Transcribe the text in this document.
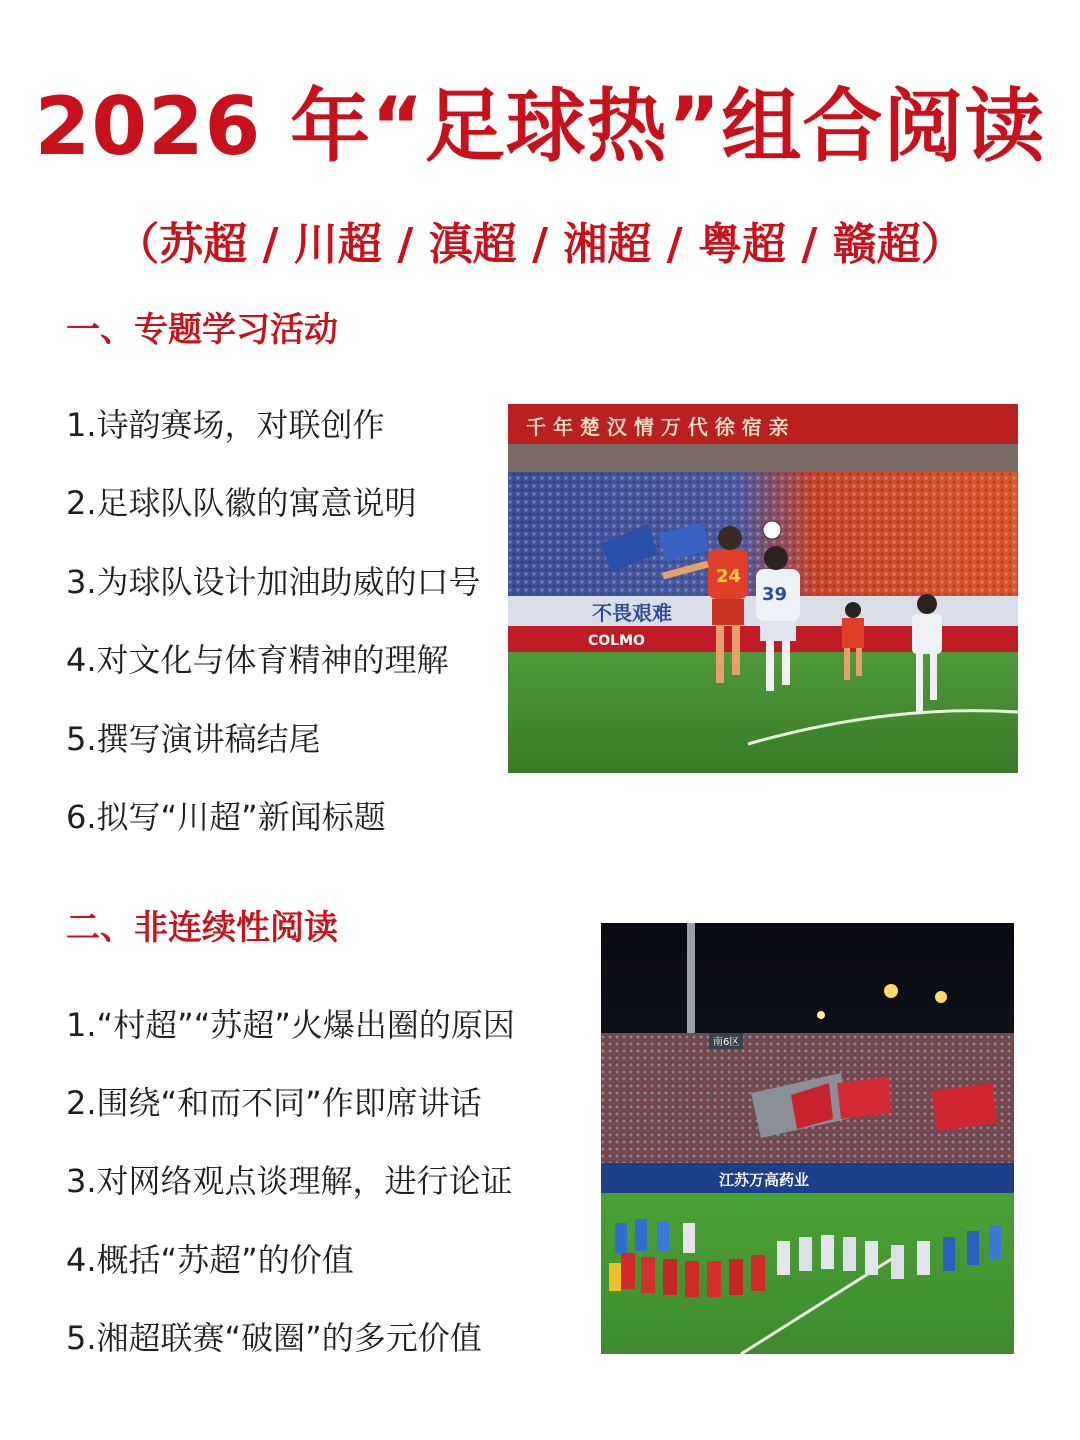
2026 年“足球热”组合阅读
（苏超 / 川超 / 滇超 / 湘超 / 粤超 / 赣超）
一、专题学习活动
1.诗韵赛场，对联创作
2.足球队队徽的寓意说明
3.为球队设计加油助威的口号
4.对文化与体育精神的理解
5.撰写演讲稿结尾
6.拟写“川超”新闻标题
二、非连续性阅读
1.“村超”“苏超”火爆出圈的原因
2.围绕“和而不同”作即席讲话
3.对网络观点谈理解，进行论证
4.概括“苏超”的价值
5.湘超联赛“破圈”的多元价值
千 年 楚 汉 情 万 代 徐 宿 亲
不畏艰难
COLMO
24
39
南6区
江苏万高药业
